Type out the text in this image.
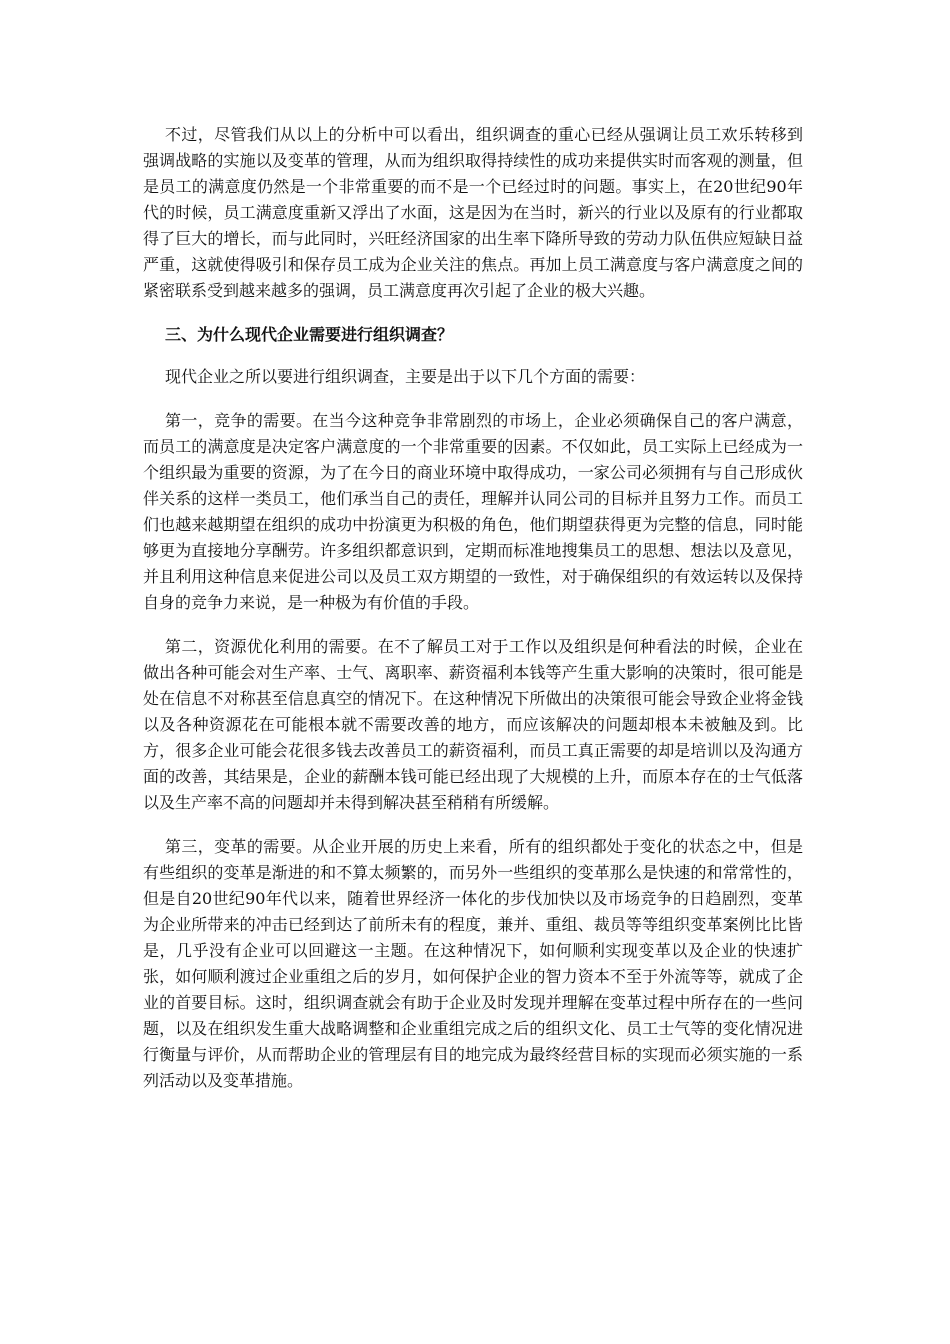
不过，尽管我们从以上的分析中可以看出，组织调查的重心已经从强调让员工欢乐转移到强调战略的实施以及变革的管理，从而为组织取得持续性的成功来提供实时而客观的测量，但是员工的满意度仍然是一个非常重要的而不是一个已经过时的问题。事实上，在20世纪90年代的时候，员工满意度重新又浮出了水面，这是因为在当时，新兴的行业以及原有的行业都取得了巨大的增长，而与此同时，兴旺经济国家的出生率下降所导致的劳动力队伍供应短缺日益严重，这就使得吸引和保存员工成为企业关注的焦点。再加上员工满意度与客户满意度之间的紧密联系受到越来越多的强调，员工满意度再次引起了企业的极大兴趣。

三、为什么现代企业需要进行组织调查？

现代企业之所以要进行组织调查，主要是出于以下几个方面的需要：

第一，竞争的需要。在当今这种竞争非常剧烈的市场上，企业必须确保自己的客户满意，而员工的满意度是决定客户满意度的一个非常重要的因素。不仅如此，员工实际上已经成为一个组织最为重要的资源，为了在今日的商业环境中取得成功，一家公司必须拥有与自己形成伙伴关系的这样一类员工，他们承当自己的责任，理解并认同公司的目标并且努力工作。而员工们也越来越期望在组织的成功中扮演更为积极的角色，他们期望获得更为完整的信息，同时能够更为直接地分享酬劳。许多组织都意识到，定期而标准地搜集员工的思想、想法以及意见，并且利用这种信息来促进公司以及员工双方期望的一致性，对于确保组织的有效运转以及保持自身的竞争力来说，是一种极为有价值的手段。

第二，资源优化利用的需要。在不了解员工对于工作以及组织是何种看法的时候，企业在做出各种可能会对生产率、士气、离职率、薪资福利本钱等产生重大影响的决策时，很可能是处在信息不对称甚至信息真空的情况下。在这种情况下所做出的决策很可能会导致企业将金钱以及各种资源花在可能根本就不需要改善的地方，而应该解决的问题却根本未被触及到。比方，很多企业可能会花很多钱去改善员工的薪资福利，而员工真正需要的却是培训以及沟通方面的改善，其结果是，企业的薪酬本钱可能已经出现了大规模的上升，而原本存在的士气低落以及生产率不高的问题却并未得到解决甚至稍稍有所缓解。

第三，变革的需要。从企业开展的历史上来看，所有的组织都处于变化的状态之中，但是有些组织的变革是渐进的和不算太频繁的，而另外一些组织的变革那么是快速的和常常性的，但是自20世纪90年代以来，随着世界经济一体化的步伐加快以及市场竞争的日趋剧烈，变革为企业所带来的冲击已经到达了前所未有的程度，兼并、重组、裁员等等组织变革案例比比皆是，几乎没有企业可以回避这一主题。在这种情况下，如何顺利实现变革以及企业的快速扩张，如何顺利渡过企业重组之后的岁月，如何保护企业的智力资本不至于外流等等，就成了企业的首要目标。这时，组织调查就会有助于企业及时发现并理解在变革过程中所存在的一些问题，以及在组织发生重大战略调整和企业重组完成之后的组织文化、员工士气等的变化情况进行衡量与评价，从而帮助企业的管理层有目的地完成为最终经营目标的实现而必须实施的一系列活动以及变革措施。
